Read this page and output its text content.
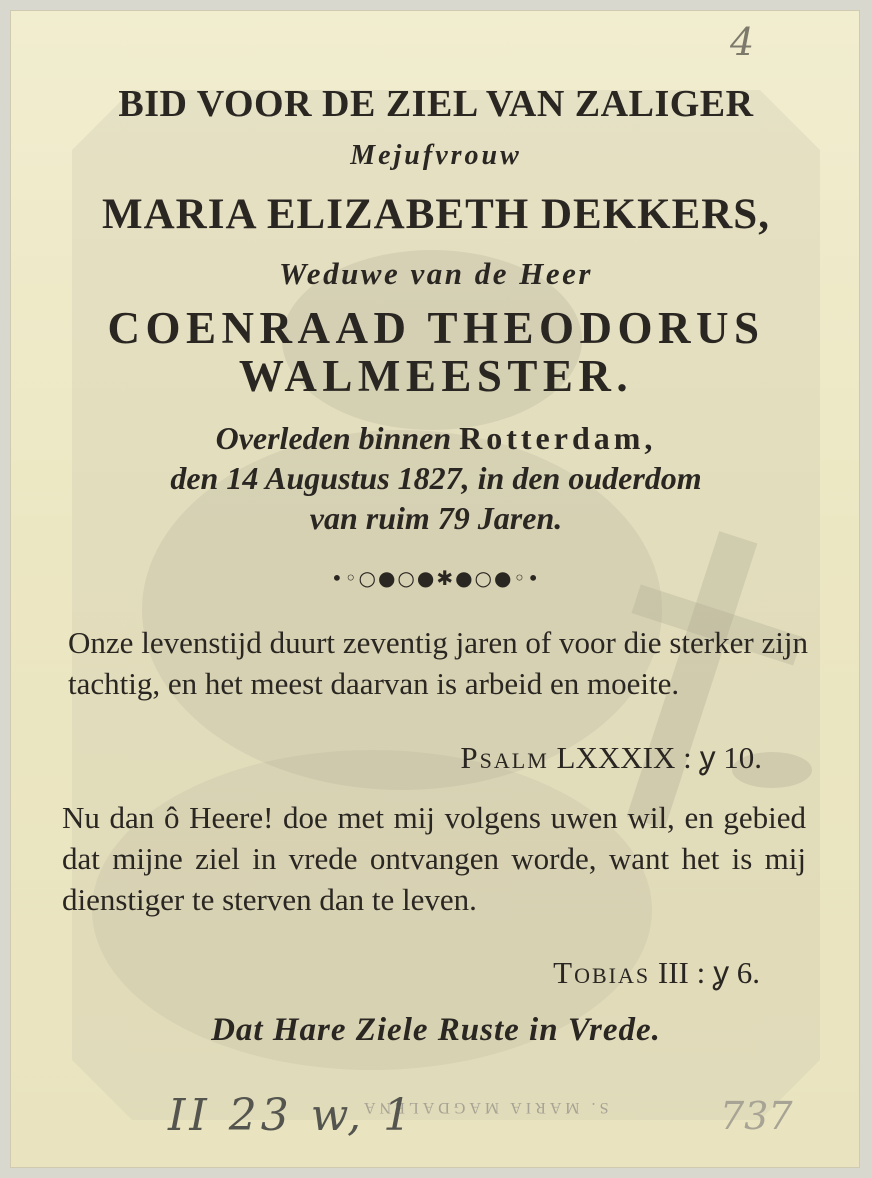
4
S. MARIA MAGDALENA
II 23 w, 1	737
BID VOOR DE ZIEL VAN ZALIGER
Mejufvrouw
MARIA ELIZABETH DEKKERS,
Weduwe van de Heer
COENRAAD THEODORUS
WALMEESTER.
Overleden binnen Rotterdam,
den 14 Augustus 1827, in den ouderdom
van ruim 79 Jaren.
•◦○●○●✱●○●◦•
Onze levenstijd duurt zeventig jaren of voor die sterker zijn tachtig, en het meest daarvan is arbeid en moeite.
Psalm LXXXIX : ỿ 10.
Nu dan ô Heere! doe met mij volgens uwen wil, en gebied dat mijne ziel in vrede ontvangen worde, want het is mij dienstiger te sterven dan te leven.
Tobias III : ỿ 6.
Dat Hare Ziele Ruste in Vrede.
